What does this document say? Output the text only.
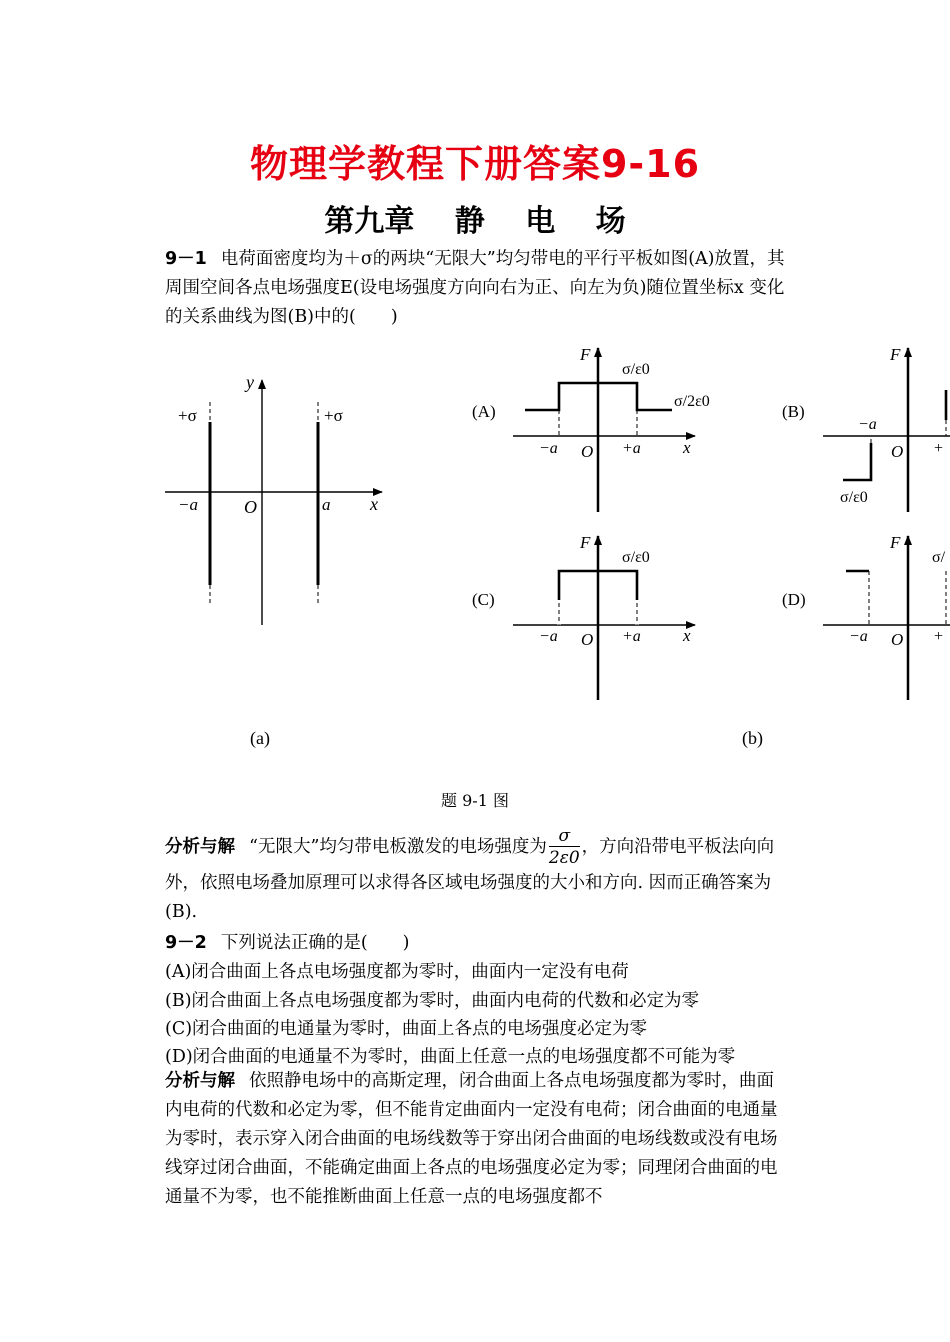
物理学教程下册答案9-16
第九章　 静　 电　 场
9－1 电荷面密度均为＋σ的两块“无限大”均匀带电的平行平板如图(A)放置，其周围空间各点电场强度E(设电场强度方向向右为正、向左为负)随位置坐标x 变化的关系曲线为图(B)中的(　　)
y
x
O
+σ	+σ
−a	a
(a)
(A)
F
σ/ε0
σ/2ε0
−a O +a x
(B)
F
−a
O +
σ/ε0
(C)
F
σ/ε0
−a O +a x
(D)
F
σ/
−a O +
(b)
题 9-1 图
分析与解 “无限大”均匀带电板激发的电场强度为 $\frac{\sigma}{2\varepsilon 0}$ ，方向沿带电平板法向向外，依照电场叠加原理可以求得各区域电场强度的大小和方向. 因而正确答案为(B).
9－2 下列说法正确的是(　　)
(A)闭合曲面上各点电场强度都为零时，曲面内一定没有电荷
(B)闭合曲面上各点电场强度都为零时，曲面内电荷的代数和必定为零
(C)闭合曲面的电通量为零时，曲面上各点的电场强度必定为零
(D)闭合曲面的电通量不为零时，曲面上任意一点的电场强度都不可能为零
分析与解 依照静电场中的高斯定理，闭合曲面上各点电场强度都为零时，曲面内电荷的代数和必定为零，但不能肯定曲面内一定没有电荷；闭合曲面的电通量为零时，表示穿入闭合曲面的电场线数等于穿出闭合曲面的电场线数或没有电场线穿过闭合曲面，不能确定曲面上各点的电场强度必定为零；同理闭合曲面的电通量不为零，也不能推断曲面上任意一点的电场强度都不
